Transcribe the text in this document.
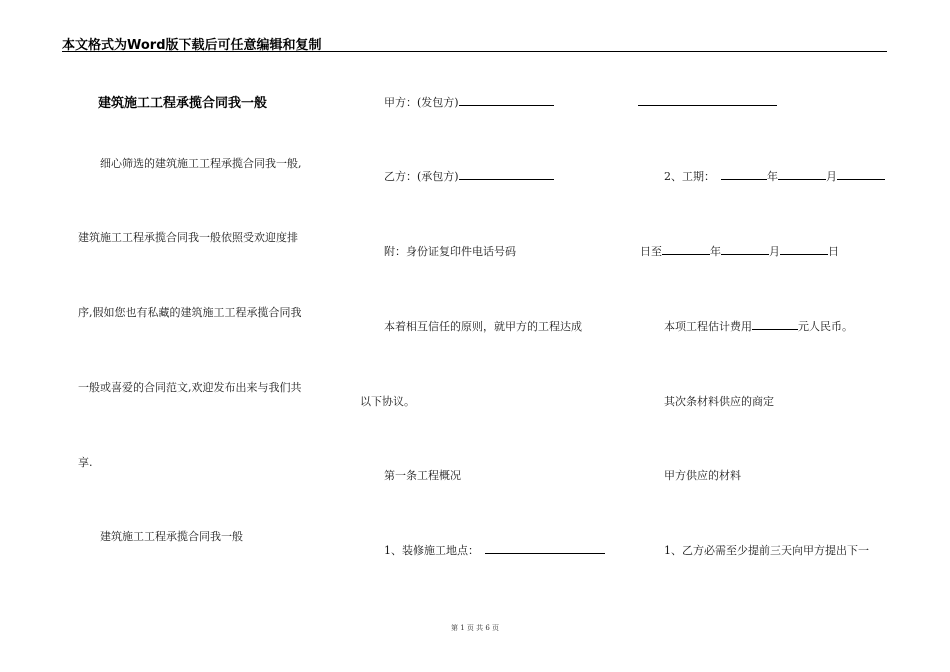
本文格式为Word版下载后可任意编辑和复制
建筑施工工程承揽合同我一般
细心筛选的建筑施工工程承揽合同我一般,
建筑施工工程承揽合同我一般依照受欢迎度排
序,假如您也有私藏的建筑施工工程承揽合同我
一般或喜爱的合同范文,欢迎发布出来与我们共
享.
建筑施工工程承揽合同我一般
甲方：(发包方)
乙方：(承包方)
附：身份证复印件电话号码
本着相互信任的原则，就甲方的工程达成
以下协议。
第一条工程概况
1、装修施工地点：
2、工期：	年	月
日至	年	月	日
本项工程估计费用	元人民币。
其次条材料供应的商定
甲方供应的材料
1、乙方必需至少提前三天向甲方提出下一
第 1 页 共 6 页
